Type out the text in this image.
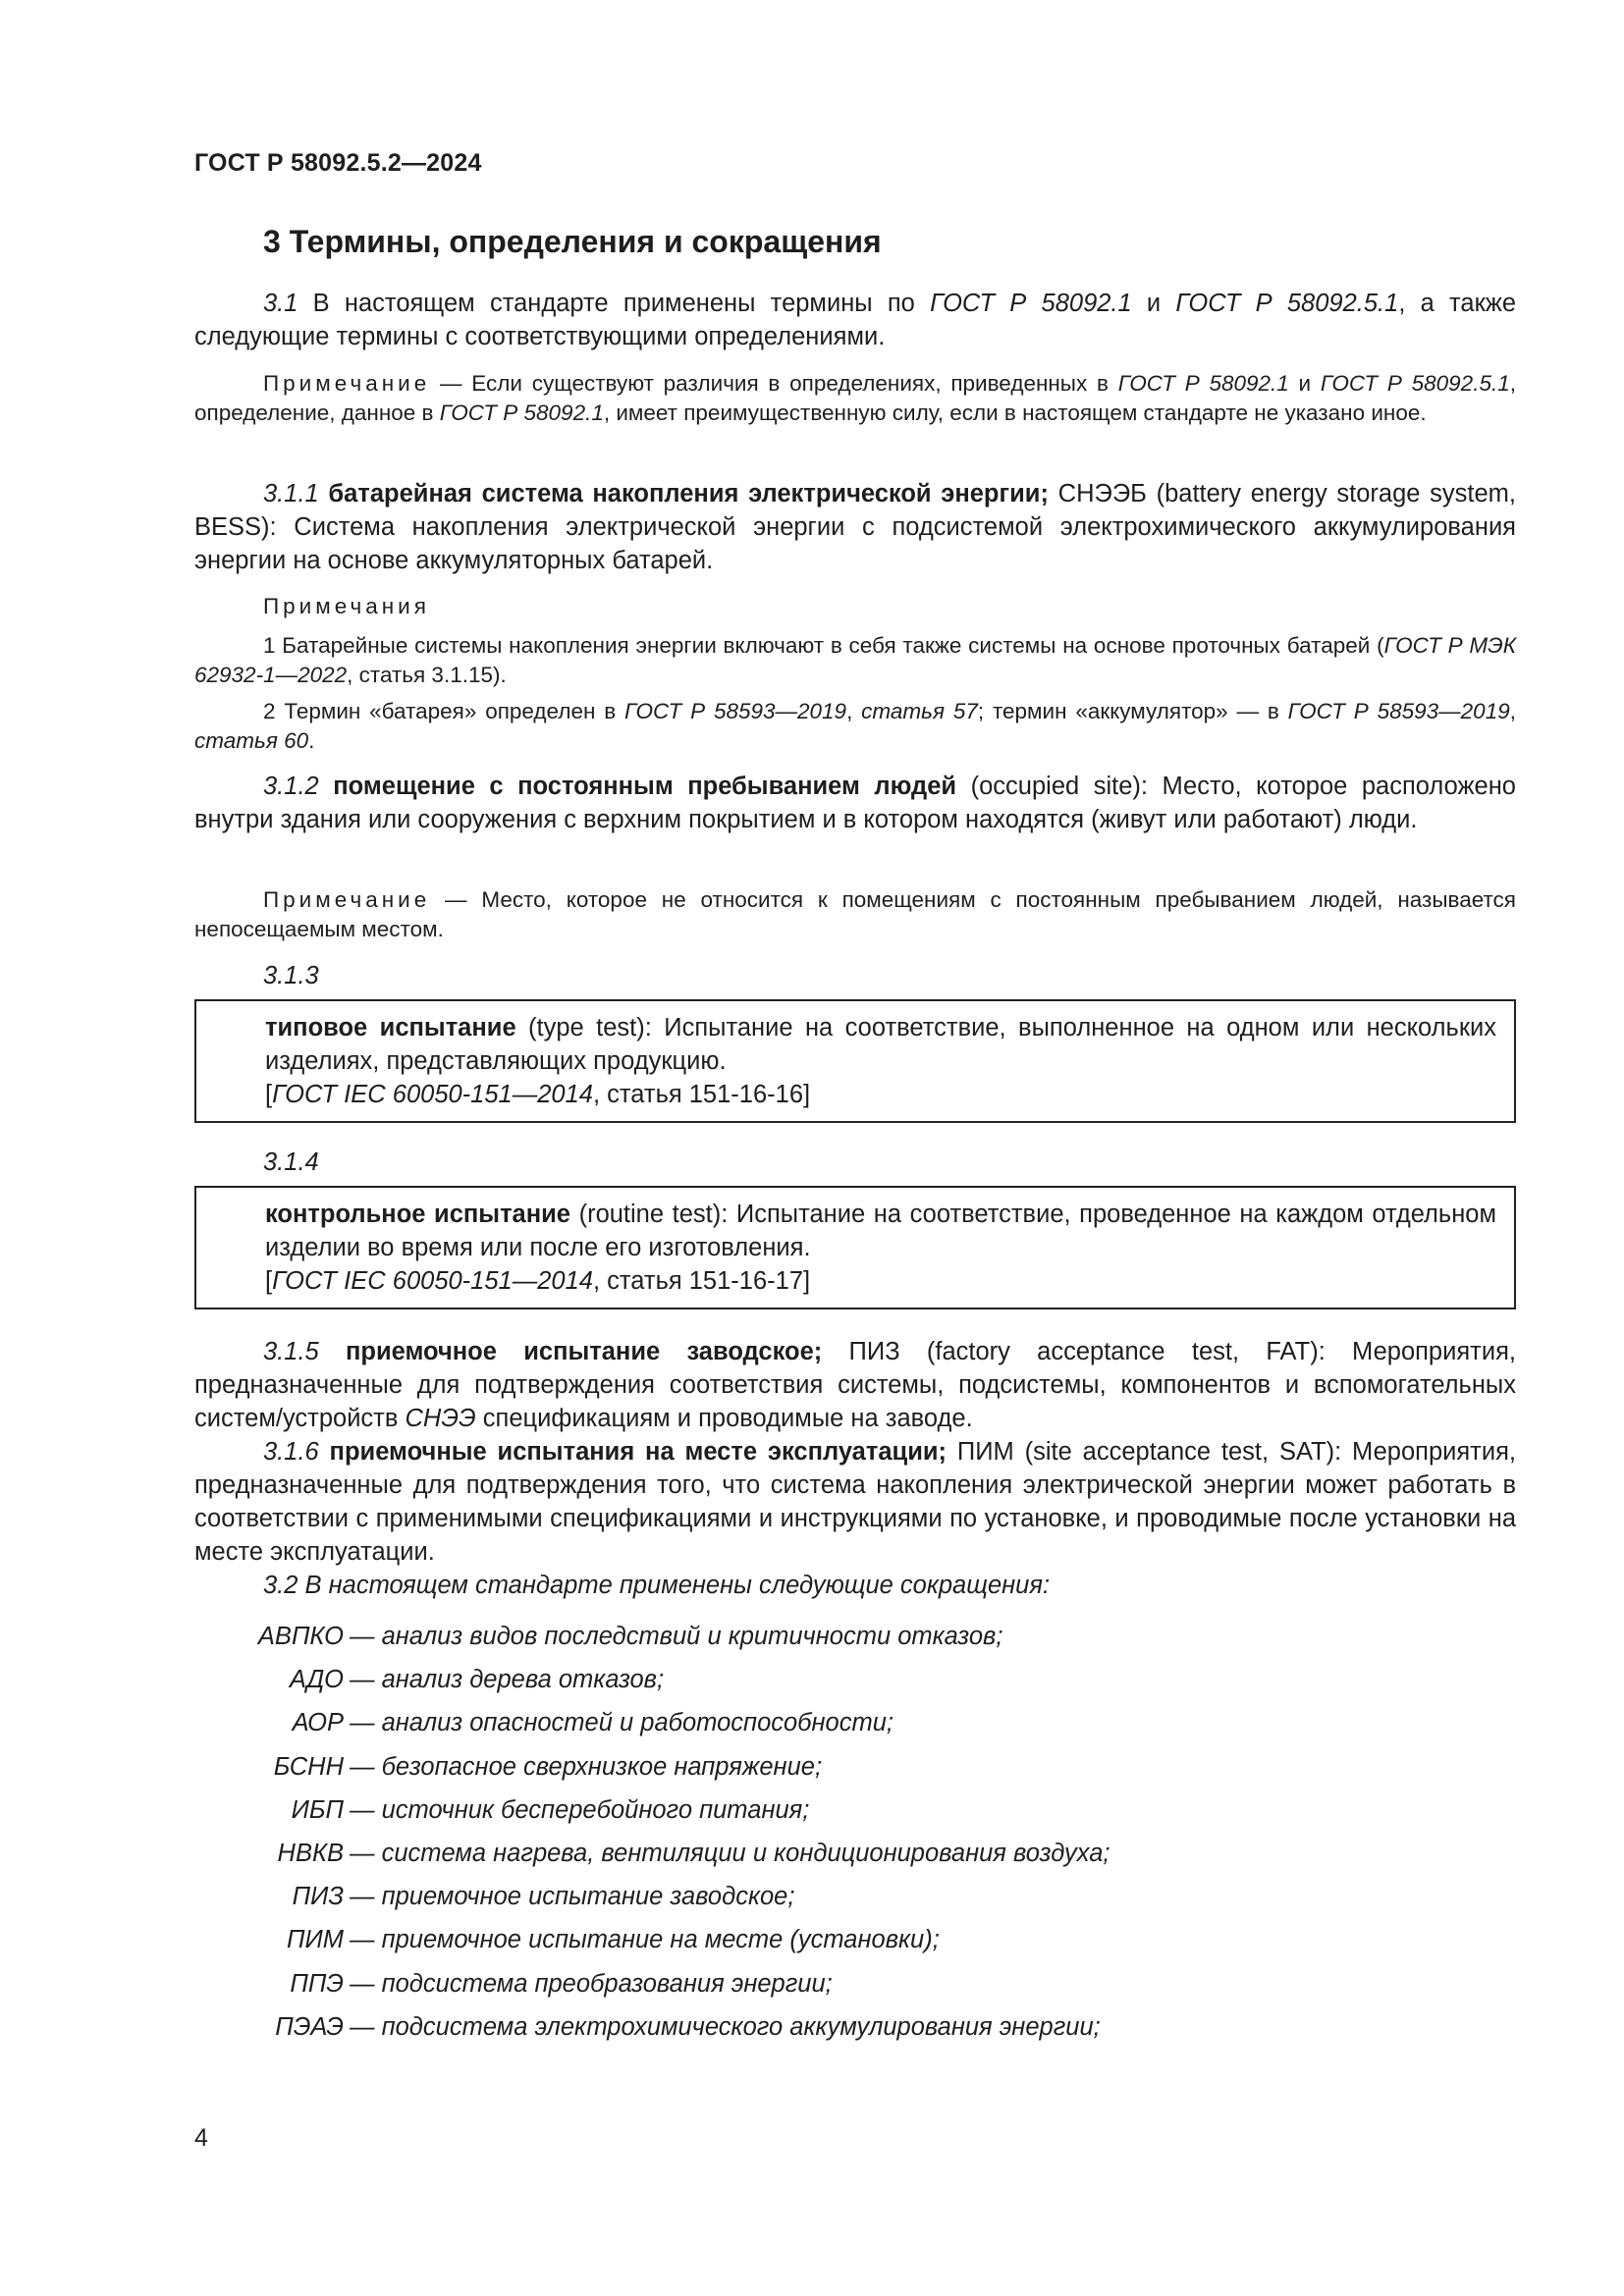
ГОСТ Р 58092.5.2—2024
3 Термины, определения и сокращения
3.1 В настоящем стандарте применены термины по ГОСТ Р 58092.1 и ГОСТ Р 58092.5.1, а также следующие термины с соответствующими определениями.
Примечание — Если существуют различия в определениях, приведенных в ГОСТ Р 58092.1 и ГОСТ Р 58092.5.1, определение, данное в ГОСТ Р 58092.1, имеет преимущественную силу, если в настоящем стандарте не указано иное.
3.1.1 батарейная система накопления электрической энергии; СНЭЭБ (battery energy storage system, BESS): Система накопления электрической энергии с подсистемой электрохимического аккумулирования энергии на основе аккумуляторных батарей.
Примечания
1 Батарейные системы накопления энергии включают в себя также системы на основе проточных батарей (ГОСТ Р МЭК 62932-1—2022, статья 3.1.15).
2 Термин «батарея» определен в ГОСТ Р 58593—2019, статья 57; термин «аккумулятор» — в ГОСТ Р 58593—2019, статья 60.
3.1.2 помещение с постоянным пребыванием людей (occupied site): Место, которое расположено внутри здания или сооружения с верхним покрытием и в котором находятся (живут или работают) люди.
Примечание — Место, которое не относится к помещениям с постоянным пребыванием людей, называется непосещаемым местом.
3.1.3
типовое испытание (type test): Испытание на соответствие, выполненное на одном или нескольких изделиях, представляющих продукцию.
[ГОСТ IEC 60050-151—2014, статья 151-16-16]
3.1.4
контрольное испытание (routine test): Испытание на соответствие, проведенное на каждом отдельном изделии во время или после его изготовления.
[ГОСТ IEC 60050-151—2014, статья 151-16-17]
3.1.5 приемочное испытание заводское; ПИЗ (factory acceptance test, FAT): Мероприятия, предназначенные для подтверждения соответствия системы, подсистемы, компонентов и вспомогательных систем/устройств СНЭЭ спецификациям и проводимые на заводе.
3.1.6 приемочные испытания на месте эксплуатации; ПИМ (site acceptance test, SAT): Мероприятия, предназначенные для подтверждения того, что система накопления электрической энергии может работать в соответствии с применимыми спецификациями и инструкциями по установке, и проводимые после установки на месте эксплуатации.
3.2 В настоящем стандарте применены следующие сокращения:
АВПКО — анализ видов последствий и критичности отказов;
АДО — анализ дерева отказов;
АОР — анализ опасностей и работоспособности;
БСНН — безопасное сверхнизкое напряжение;
ИБП — источник бесперебойного питания;
НВКВ — система нагрева, вентиляции и кондиционирования воздуха;
ПИЗ — приемочное испытание заводское;
ПИМ — приемочное испытание на месте (установки);
ППЭ — подсистема преобразования энергии;
ПЭАЭ — подсистема электрохимического аккумулирования энергии;
4
